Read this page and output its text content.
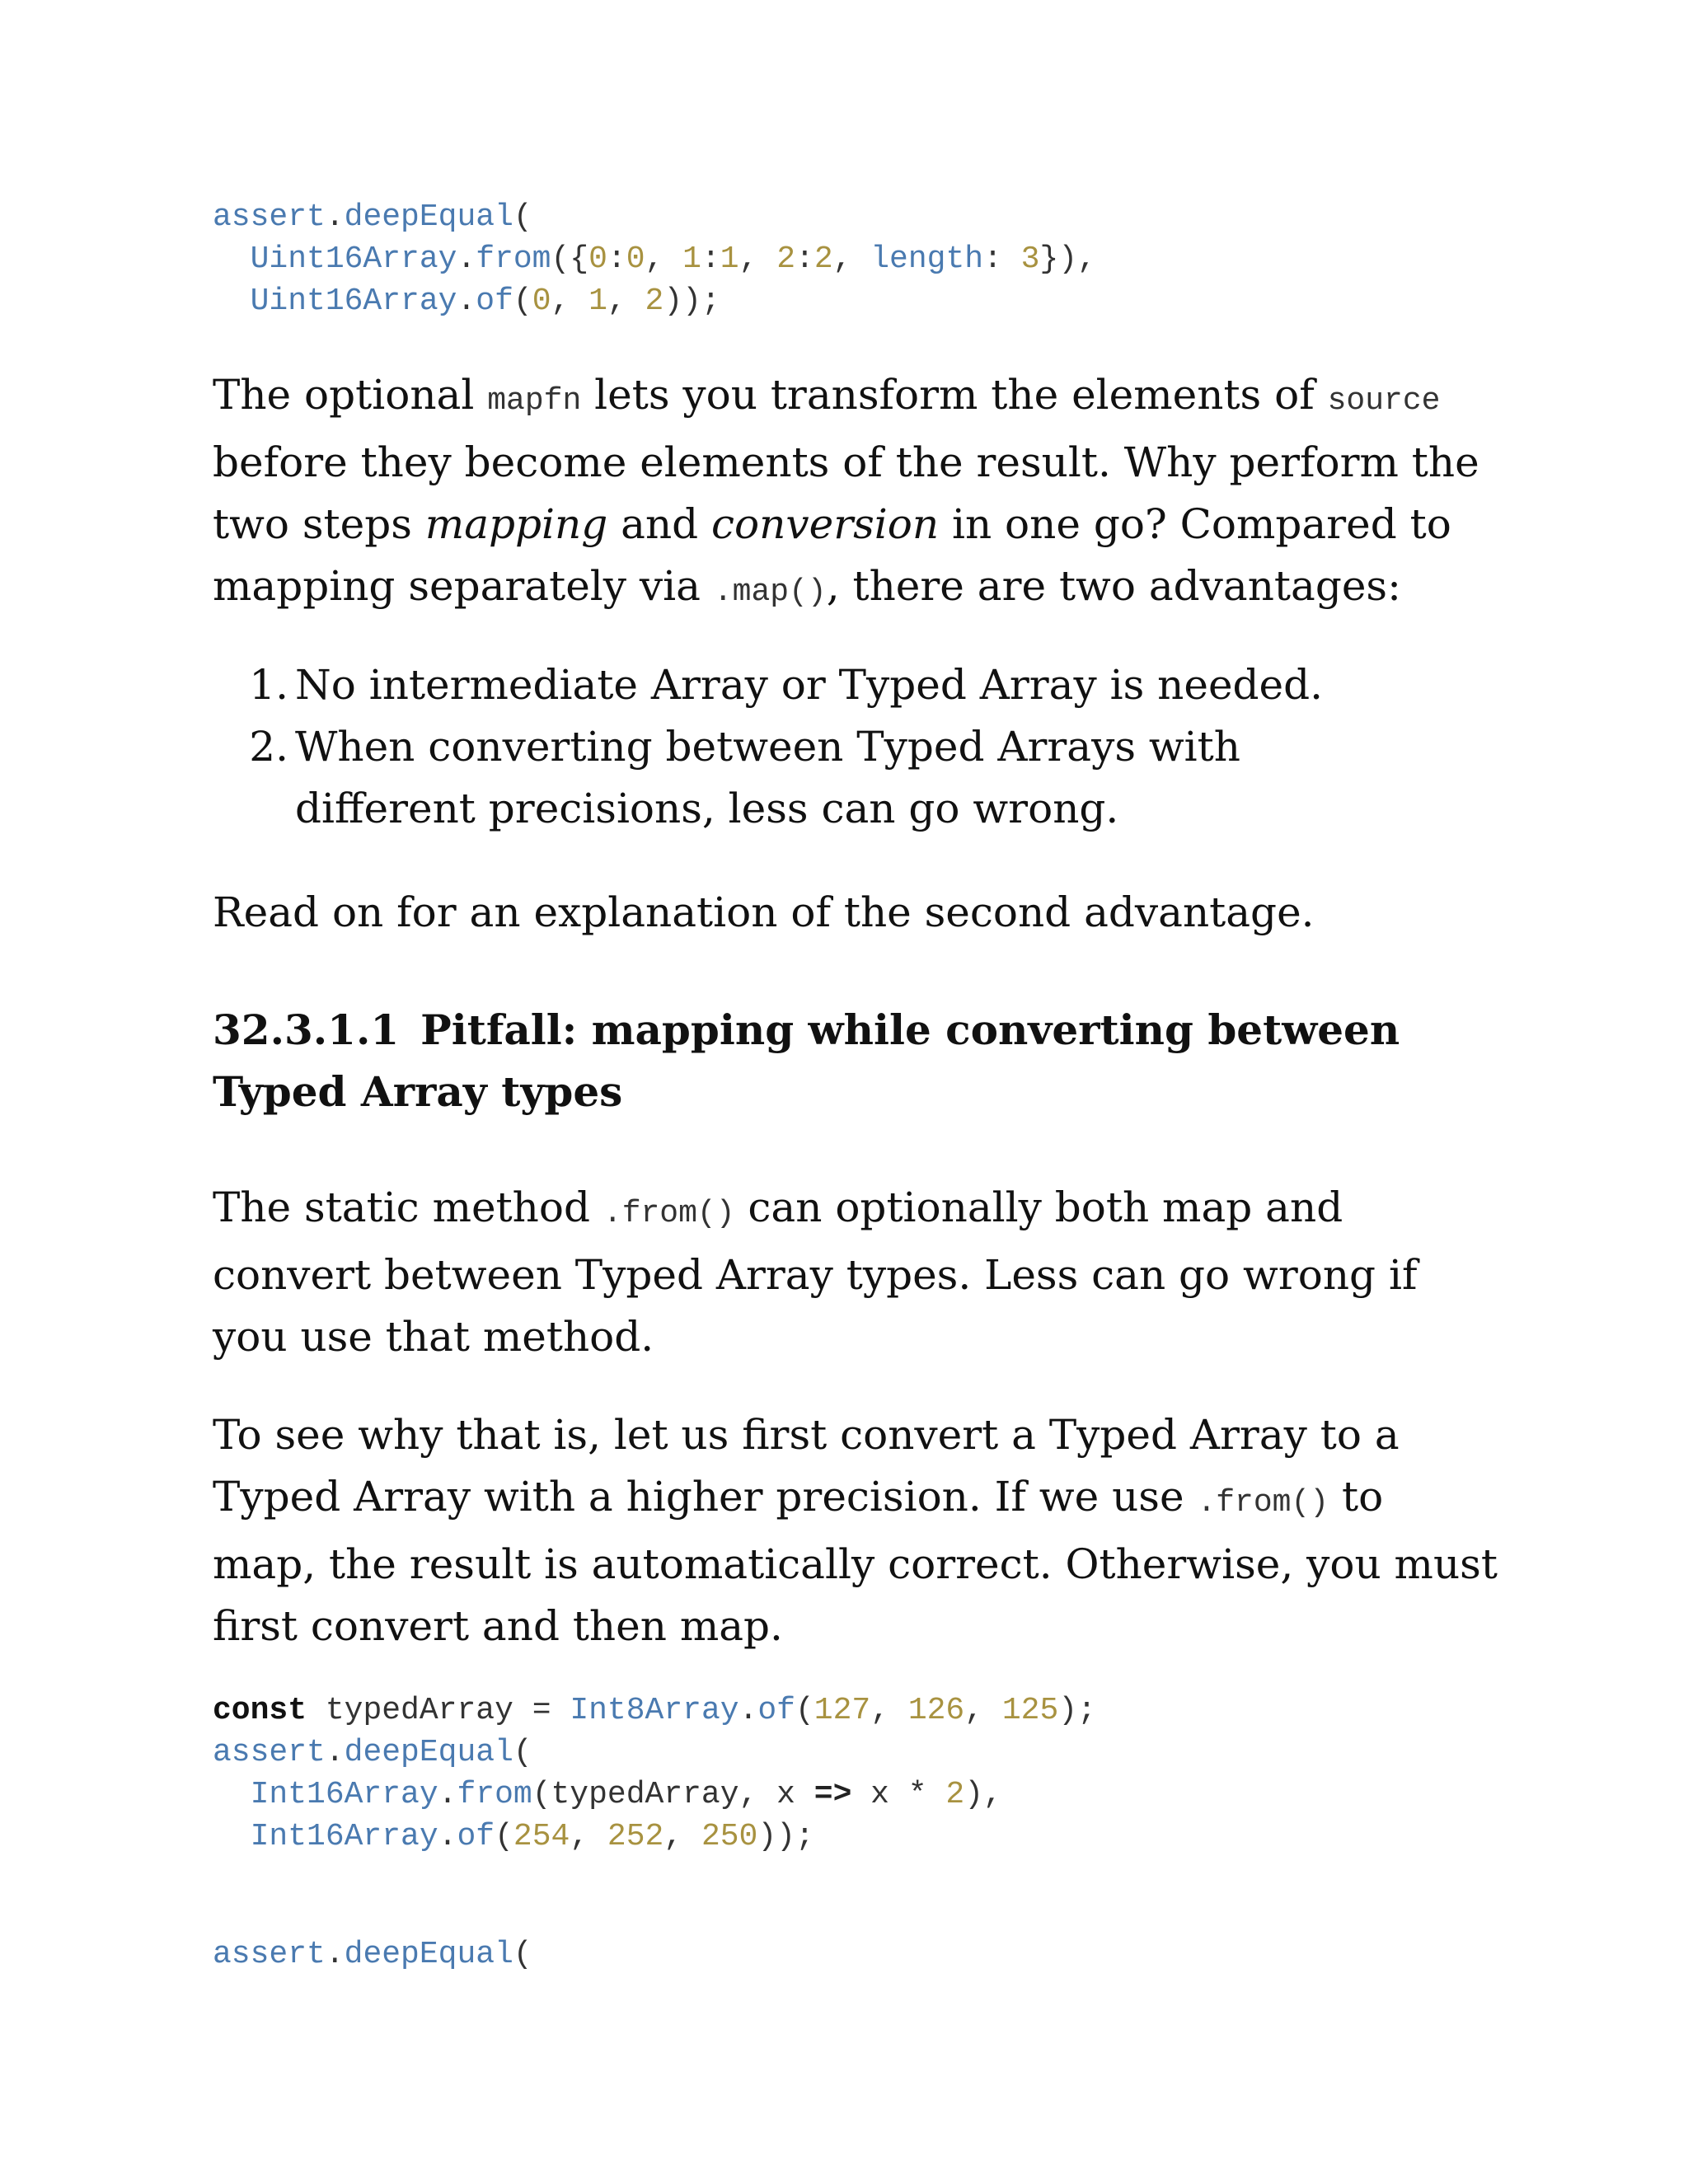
assert.deepEqual(
Uint16Array.from({0:0, 1:1, 2:2, length: 3}),
Uint16Array.of(0, 1, 2));

The optional mapfn lets you transform the elements of source before they become elements of the result. Why perform the two steps mapping and conversion in one go? Compared to mapping separately via .map(), there are two advantages:

1. No intermediate Array or Typed Array is needed.
2. When converting between Typed Arrays with different precisions, less can go wrong.

Read on for an explanation of the second advantage.

32.3.1.1 Pitfall: mapping while converting between Typed Array types

The static method .from() can optionally both map and convert between Typed Array types. Less can go wrong if you use that method.

To see why that is, let us first convert a Typed Array to a Typed Array with a higher precision. If we use .from() to map, the result is automatically correct. Otherwise, you must first convert and then map.

const typedArray = Int8Array.of(127, 126, 125);
assert.deepEqual(
Int16Array.from(typedArray, x => x * 2),
Int16Array.of(254, 252, 250));
assert.deepEqual(
